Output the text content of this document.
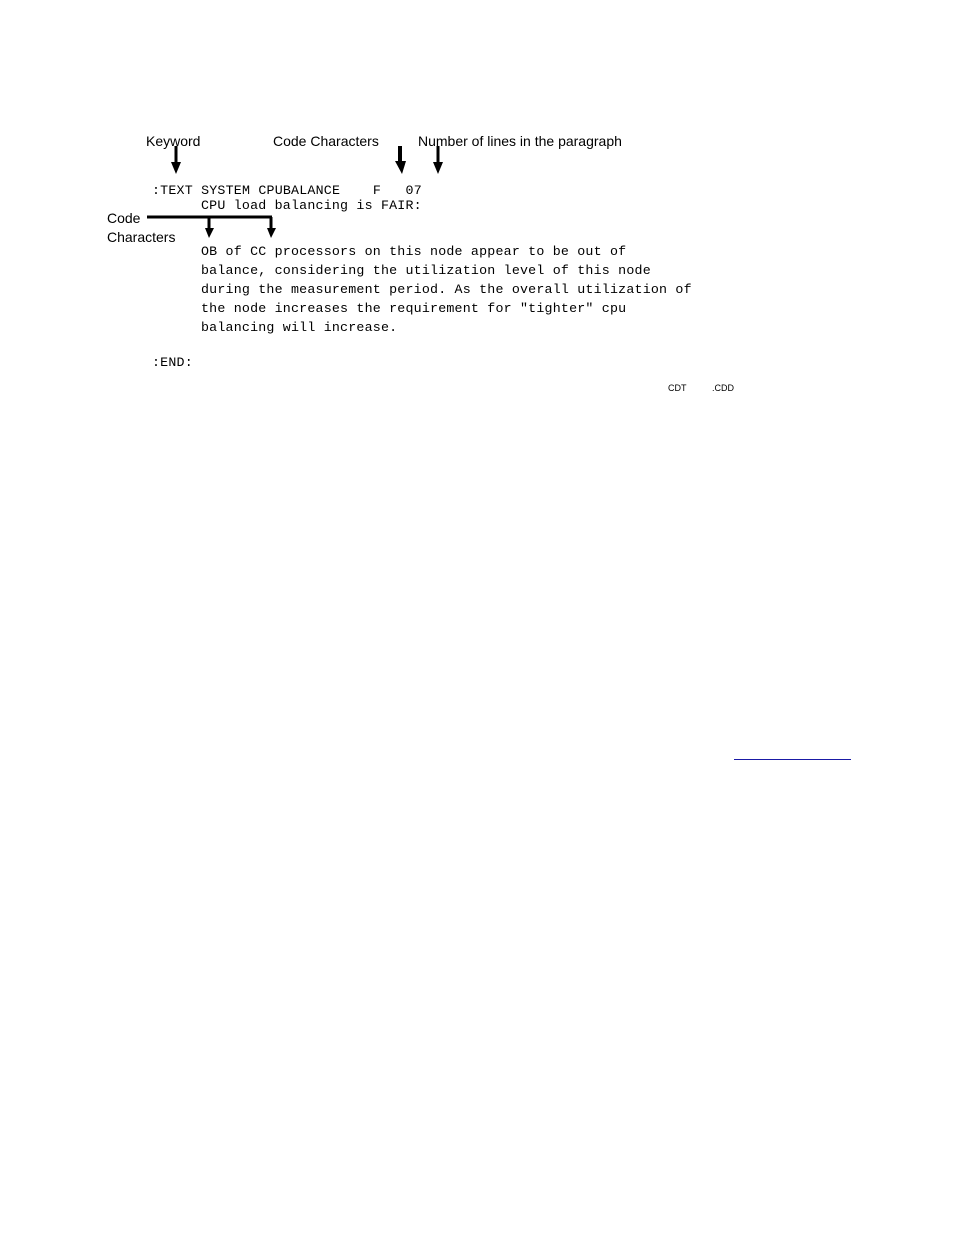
Keyword	Code Characters	Number of lines in the paragraph
Code
Characters
:TEXT SYSTEM CPUBALANCE    F   07
CPU load balancing is FAIR:
OB of CC processors on this node appear to be out of
balance, considering the utilization level of this node
during the measurement period. As the overall utilization of
the node increases the requirement for "tighter" cpu
balancing will increase.
:END:
CDT	.CDD
